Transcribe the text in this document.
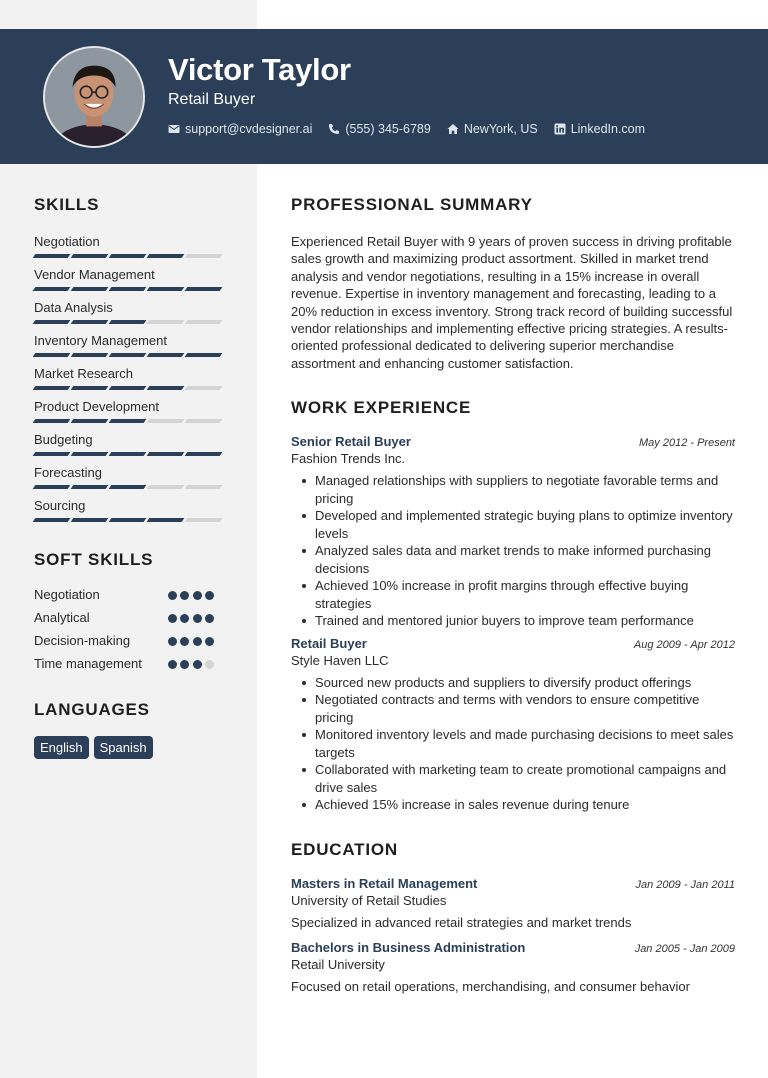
Victor Taylor
Retail Buyer
support@cvdesigner.ai	(555) 345-6789	NewYork, US	LinkedIn.com
SKILLS
Negotiation
Vendor Management
Data Analysis
Inventory Management
Market Research
Product Development
Budgeting
Forecasting
Sourcing
SOFT SKILLS
Negotiation
Analytical
Decision-making
Time management
LANGUAGES
English	Spanish
PROFESSIONAL SUMMARY
Experienced Retail Buyer with 9 years of proven success in driving profitable sales growth and maximizing product assortment. Skilled in market trend analysis and vendor negotiations, resulting in a 15% increase in overall revenue. Expertise in inventory management and forecasting, leading to a 20% reduction in excess inventory. Strong track record of building successful vendor relationships and implementing effective pricing strategies. A results-oriented professional dedicated to delivering superior merchandise assortment and enhancing customer satisfaction.
WORK EXPERIENCE
Senior Retail Buyer	May 2012 - Present
Fashion Trends Inc.
Managed relationships with suppliers to negotiate favorable terms and pricing
Developed and implemented strategic buying plans to optimize inventory levels
Analyzed sales data and market trends to make informed purchasing decisions
Achieved 10% increase in profit margins through effective buying strategies
Trained and mentored junior buyers to improve team performance
Retail Buyer	Aug 2009 - Apr 2012
Style Haven LLC
Sourced new products and suppliers to diversify product offerings
Negotiated contracts and terms with vendors to ensure competitive pricing
Monitored inventory levels and made purchasing decisions to meet sales targets
Collaborated with marketing team to create promotional campaigns and drive sales
Achieved 15% increase in sales revenue during tenure
EDUCATION
Masters in Retail Management	Jan 2009 - Jan 2011
University of Retail Studies
Specialized in advanced retail strategies and market trends
Bachelors in Business Administration	Jan 2005 - Jan 2009
Retail University
Focused on retail operations, merchandising, and consumer behavior
